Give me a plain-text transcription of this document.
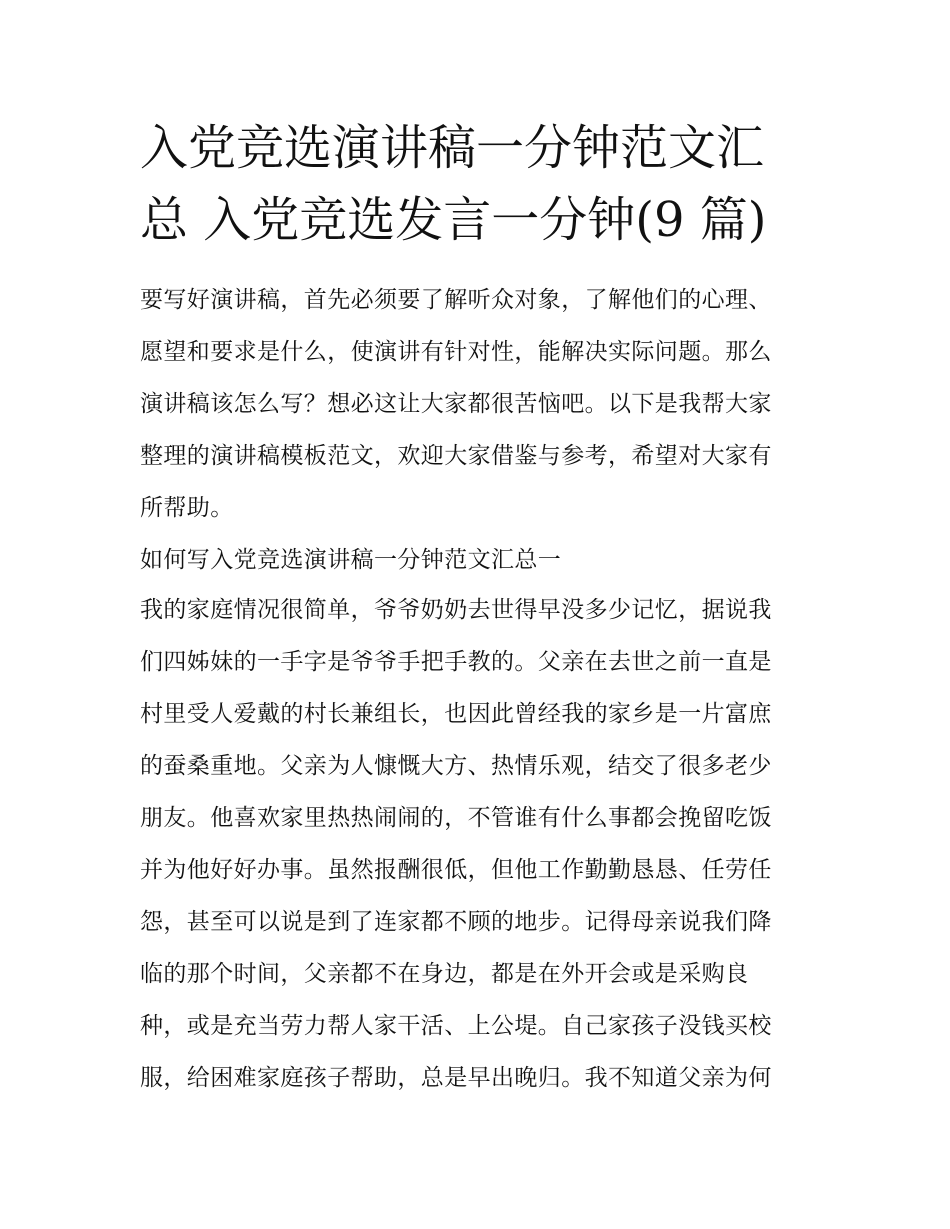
入党竞选演讲稿一分钟范文汇
总 入党竞选发言一分钟(9 篇)
要写好演讲稿，首先必须要了解听众对象，了解他们的心理、
愿望和要求是什么，使演讲有针对性，能解决实际问题。那么
演讲稿该怎么写？想必这让大家都很苦恼吧。以下是我帮大家
整理的演讲稿模板范文，欢迎大家借鉴与参考，希望对大家有
所帮助。
如何写入党竞选演讲稿一分钟范文汇总一
我的家庭情况很简单，爷爷奶奶去世得早没多少记忆，据说我
们四姊妹的一手字是爷爷手把手教的。父亲在去世之前一直是
村里受人爱戴的村长兼组长，也因此曾经我的家乡是一片富庶
的蚕桑重地。父亲为人慷慨大方、热情乐观，结交了很多老少
朋友。他喜欢家里热热闹闹的，不管谁有什么事都会挽留吃饭
并为他好好办事。虽然报酬很低，但他工作勤勤恳恳、任劳任
怨，甚至可以说是到了连家都不顾的地步。记得母亲说我们降
临的那个时间，父亲都不在身边，都是在外开会或是采购良
种，或是充当劳力帮人家干活、上公堤。自己家孩子没钱买校
服，给困难家庭孩子帮助，总是早出晚归。我不知道父亲为何
